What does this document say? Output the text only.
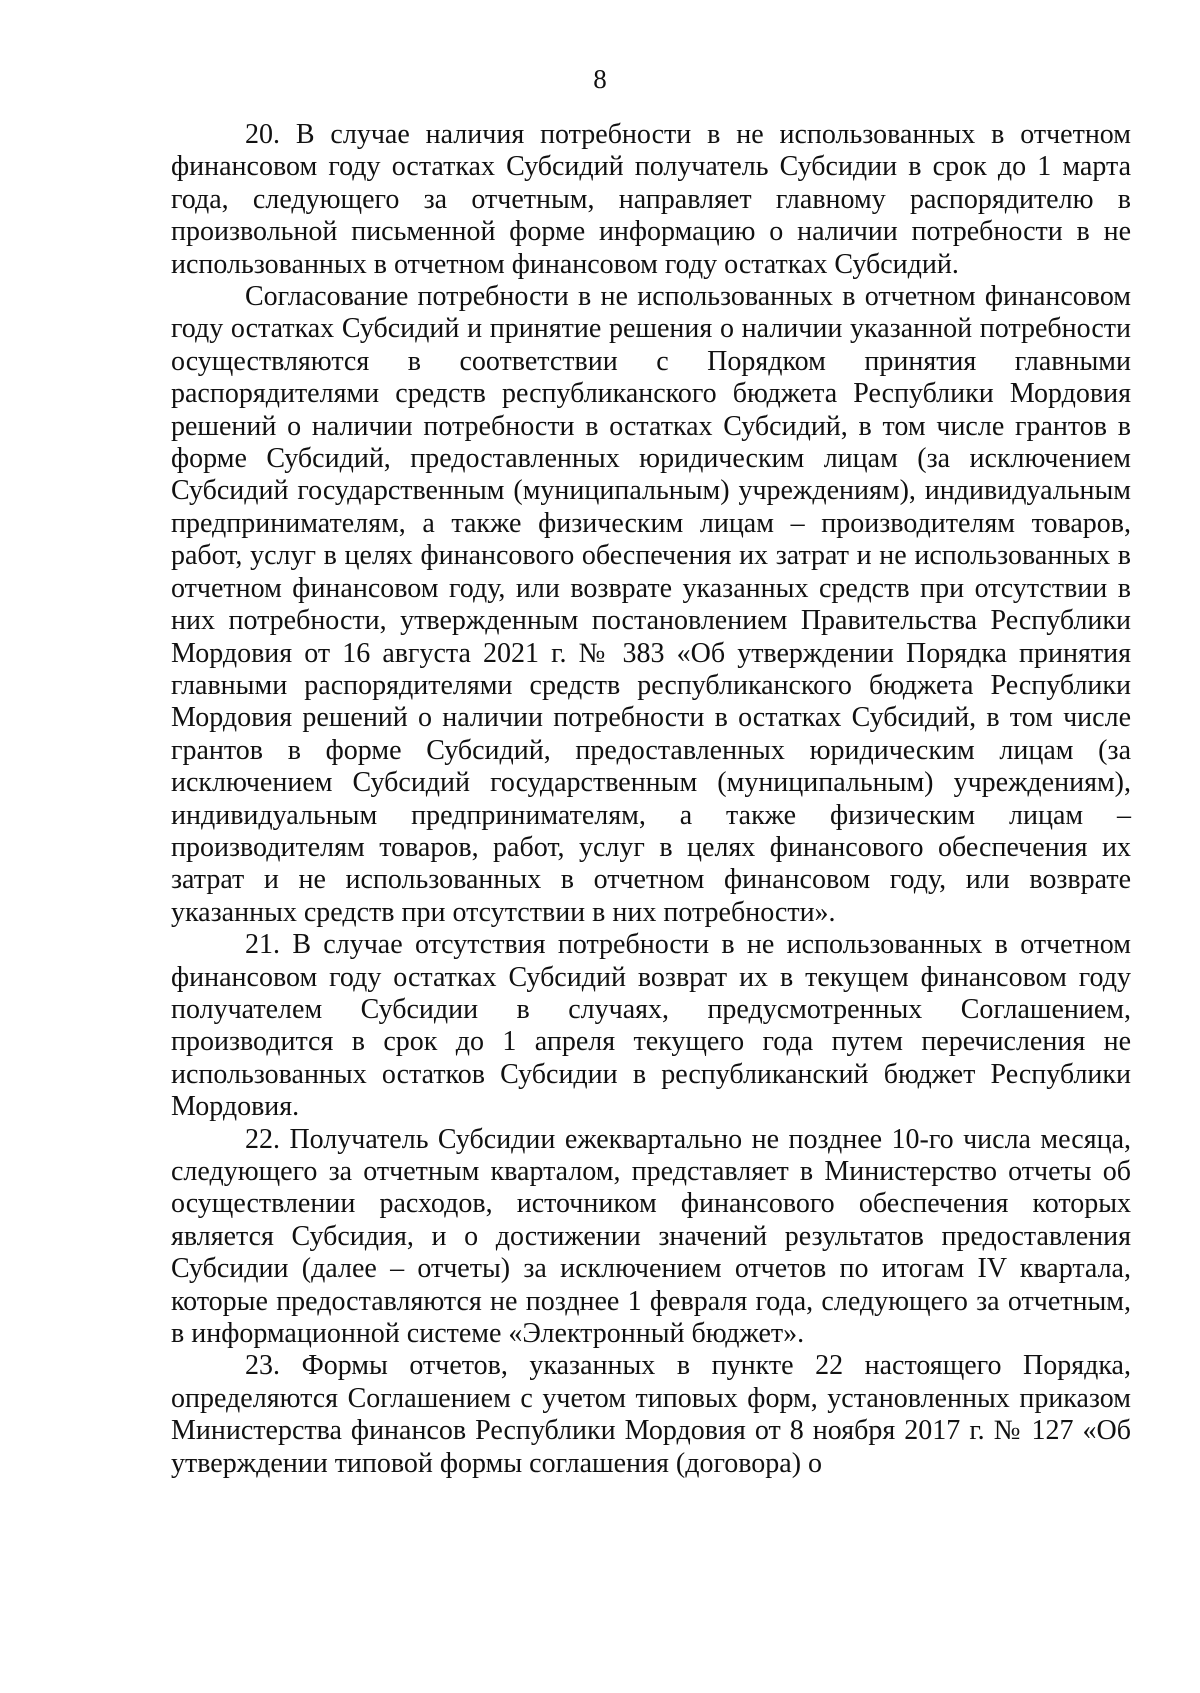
8

20. В случае наличия потребности в не использованных в отчетном финансовом году остатках Субсидий получатель Субсидии в срок до 1 марта года, следующего за отчетным, направляет главному распорядителю в произвольной письменной форме информацию о наличии потребности в не использованных в отчетном финансовом году остатках Субсидий.

Согласование потребности в не использованных в отчетном финансовом году остатках Субсидий и принятие решения о наличии указанной потребности осуществляются в соответствии с Порядком принятия главными распорядителями средств республиканского бюджета Республики Мордовия решений о наличии потребности в остатках Субсидий, в том числе грантов в форме Субсидий, предоставленных юридическим лицам (за исключением Субсидий государственным (муниципальным) учреждениям), индивидуальным предпринимателям, а также физическим лицам – производителям товаров, работ, услуг в целях финансового обеспечения их затрат и не использованных в отчетном финансовом году, или возврате указанных средств при отсутствии в них потребности, утвержденным постановлением Правительства Республики Мордовия от 16 августа 2021 г. № 383 «Об утверждении Порядка принятия главными распорядителями средств республиканского бюджета Республики Мордовия решений о наличии потребности в остатках Субсидий, в том числе грантов в форме Субсидий, предоставленных юридическим лицам (за исключением Субсидий государственным (муниципальным) учреждениям), индивидуальным предпринимателям, а также физическим лицам – производителям товаров, работ, услуг в целях финансового обеспечения их затрат и не использованных в отчетном финансовом году, или возврате указанных средств при отсутствии в них потребности».

21. В случае отсутствия потребности в не использованных в отчетном финансовом году остатках Субсидий возврат их в текущем финансовом году получателем Субсидии в случаях, предусмотренных Соглашением, производится в срок до 1 апреля текущего года путем перечисления не использованных остатков Субсидии в республиканский бюджет Республики Мордовия.

22. Получатель Субсидии ежеквартально не позднее 10-го числа месяца, следующего за отчетным кварталом, представляет в Министерство отчеты об осуществлении расходов, источником финансового обеспечения которых является Субсидия, и о достижении значений результатов предоставления Субсидии (далее – отчеты) за исключением отчетов по итогам IV квартала, которые предоставляются не позднее 1 февраля года, следующего за отчетным, в информационной системе «Электронный бюджет».

23. Формы отчетов, указанных в пункте 22 настоящего Порядка, определяются Соглашением с учетом типовых форм, установленных приказом Министерства финансов Республики Мордовия от 8 ноября 2017 г. № 127 «Об утверждении типовой формы соглашения (договора) о
